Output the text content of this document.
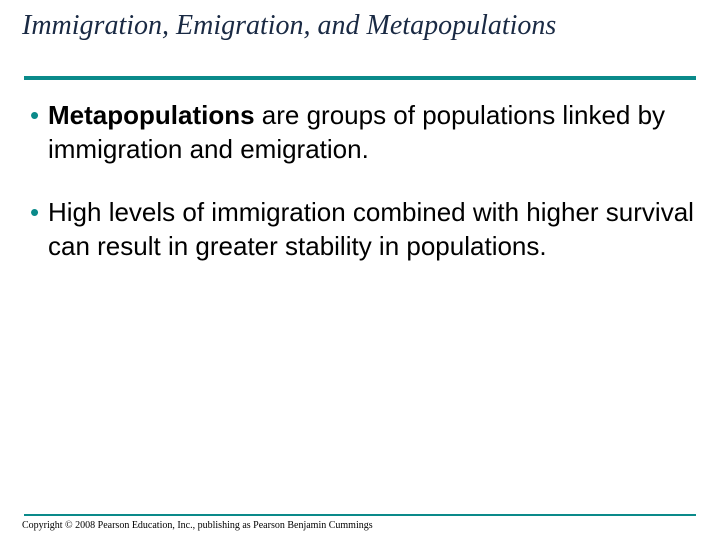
Immigration, Emigration, and Metapopulations
• Metapopulations are groups of populations linked by immigration and emigration.
• High levels of immigration combined with higher survival can result in greater stability in populations.
Copyright © 2008 Pearson Education, Inc., publishing as Pearson Benjamin Cummings
